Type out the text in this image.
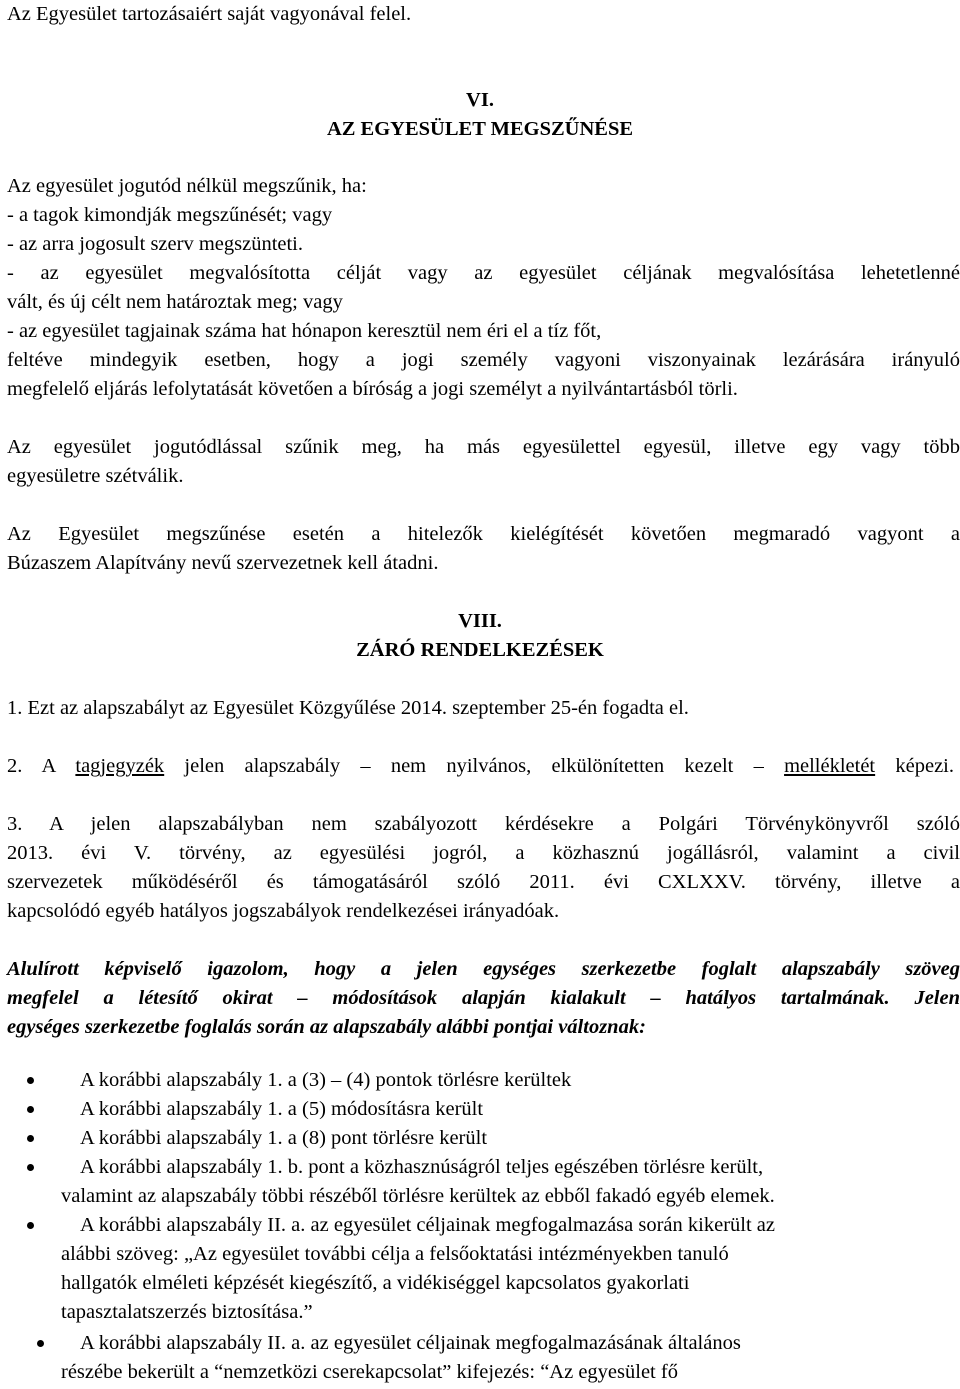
Az Egyesület tartozásaiért saját vagyonával felel.
VI.
AZ EGYESÜLET MEGSZŰNÉSE
Az egyesület jogutód nélkül megszűnik, ha:
- a tagok kimondják megszűnését; vagy
- az arra jogosult szerv megszünteti.
- az egyesület megvalósította célját vagy az egyesület céljának megvalósítása lehetetlenné
vált, és új célt nem határoztak meg; vagy
- az egyesület tagjainak száma hat hónapon keresztül nem éri el a tíz főt,
feltéve mindegyik esetben, hogy a jogi személy vagyoni viszonyainak lezárására irányuló
megfelelő eljárás lefolytatását követően a bíróság a jogi személyt a nyilvántartásból törli.
Az egyesület jogutódlással szűnik meg, ha más egyesülettel egyesül, illetve egy vagy több
egyesületre szétválik.
Az Egyesület megszűnése esetén a hitelezők kielégítését követően megmaradó vagyont a
Búzaszem Alapítvány nevű szervezetnek kell átadni.
VIII.
ZÁRÓ RENDELKEZÉSEK
1. Ezt az alapszabályt az Egyesület Közgyűlése 2014. szeptember 25-én fogadta el.
2. A tagjegyzék jelen alapszabály – nem nyilvános, elkülönítetten kezelt – mellékletét képezi.
3. A jelen alapszabályban nem szabályozott kérdésekre a Polgári Törvénykönyvről szóló
2013. évi V. törvény, az egyesülési jogról, a közhasznú jogállásról, valamint a civil
szervezetek működéséről és támogatásáról szóló 2011. évi CXLXXV. törvény, illetve a
kapcsolódó egyéb hatályos jogszabályok rendelkezései irányadóak.
Alulírott képviselő igazolom, hogy a jelen egységes szerkezetbe foglalt alapszabály szöveg
megfelel a létesítő okirat – módosítások alapján kialakult – hatályos tartalmának. Jelen
egységes szerkezetbe foglalás során az alapszabály alábbi pontjai változnak:
A korábbi alapszabály 1. a (3) – (4) pontok törlésre kerültek
A korábbi alapszabály 1. a (5) módosításra került
A korábbi alapszabály 1. a (8) pont törlésre került
A korábbi alapszabály 1. b. pont a közhasznúságról teljes egészében törlésre került,
valamint az alapszabály többi részéből törlésre kerültek az ebből fakadó egyéb elemek.
A korábbi alapszabály II. a. az egyesület céljainak megfogalmazása során kikerült az
alábbi szöveg: „Az egyesület további célja a felsőoktatási intézményekben tanuló
hallgatók elméleti képzését kiegészítő, a vidékiséggel kapcsolatos gyakorlati
tapasztalatszerzés biztosítása.”
A korábbi alapszabály II. a. az egyesület céljainak megfogalmazásának általános
részébe bekerült a “nemzetközi cserekapcsolat” kifejezés: “Az egyesület fő
